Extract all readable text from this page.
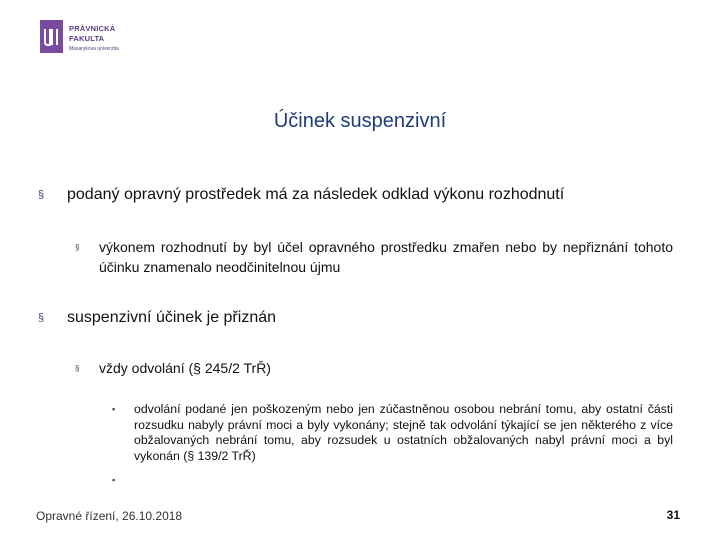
PRÁVNICKÁ
FAKULTA
Masarykova univerzita
Účinek suspenzivní
§ podaný opravný prostředek má za následek odklad výkonu rozhodnutí
§ výkonem rozhodnutí by byl účel opravného prostředku zmařen nebo by nepřiznání tohoto účinku znamenalo neodčinitelnou újmu
§ suspenzivní účinek je přiznán
§ vždy odvolání (§ 245/2 TrŘ)
▪ odvolání podané jen poškozeným nebo jen zúčastněnou osobou nebrání tomu, aby ostatní části rozsudku nabyly právní moci a byly vykonány; stejně tak odvolání týkající se jen některého z více obžalovaných nebrání tomu, aby rozsudek u ostatních obžalovaných nabyl právní moci a byl vykonán (§ 139/2 TrŘ)
▪
Opravné řízení, 26.10.2018	31
